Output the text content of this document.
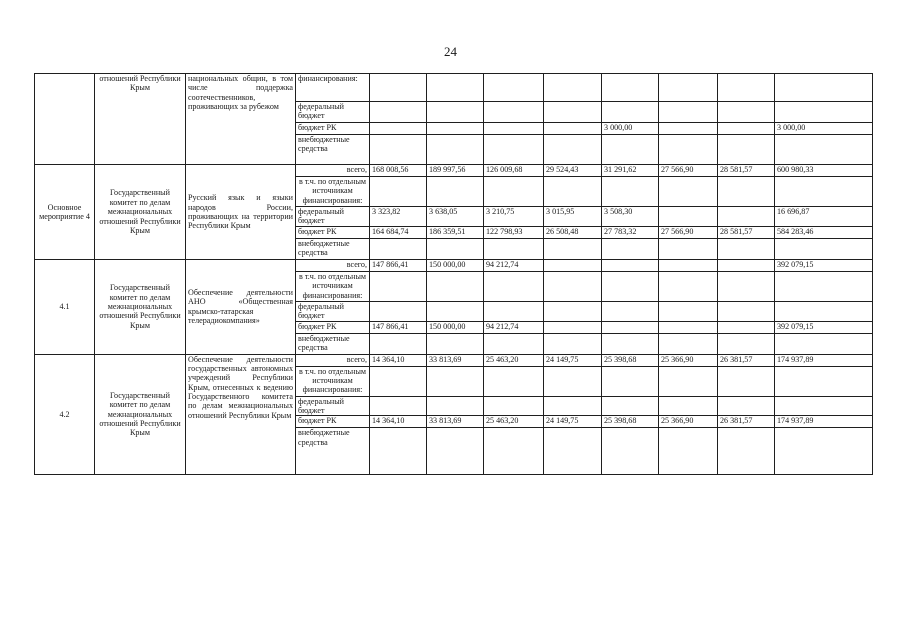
24
	отношений Республики Крым	национальных общин, в том числе поддержка соотечественников, проживающих за рубежом	финансирования:								
			федеральный бюджет								
			бюджет РК					3 000,00			3 000,00
			внебюджетные средства								
Основное мероприятие 4	Государственный комитет по делам межнациональных отношений Республики Крым	Русский язык и языки народов России, проживающих на территории Республики Крым	всего,	168 008,56	189 997,56	126 009,68	29 524,43	31 291,62	27 566,90	28 581,57	600 980,33
			в т.ч. по отдельным источникам финансирования:								
			федеральный бюджет	3 323,82	3 638,05	3 210,75	3 015,95	3 508,30			16 696,87
			бюджет РК	164 684,74	186 359,51	122 798,93	26 508,48	27 783,32	27 566,90	28 581,57	584 283,46
			внебюджетные средства								
4.1	Государственный комитет по делам межнациональных отношений Республики Крым	Обеспечение деятельности АНО «Общественная крымско-татарская телерадиокомпания»	всего,	147 866,41	150 000,00	94 212,74					392 079,15
			в т.ч. по отдельным источникам финансирования:								
			федеральный бюджет								
			бюджет РК	147 866,41	150 000,00	94 212,74					392 079,15
			внебюджетные средства								
4.2	Государственный комитет по делам межнациональных отношений Республики Крым	Обеспечение деятельности государственных автономных учреждений Республики Крым, отнесенных к ведению Государственного комитета по делам межнациональных отношений Республики Крым	всего,	14 364,10	33 813,69	25 463,20	24 149,75	25 398,68	25 366,90	26 381,57	174 937,89
			в т.ч. по отдельным источникам финансирования:								
			федеральный бюджет								
			бюджет РК	14 364,10	33 813,69	25 463,20	24 149,75	25 398,68	25 366,90	26 381,57	174 937,89
			внебюджетные средства								
